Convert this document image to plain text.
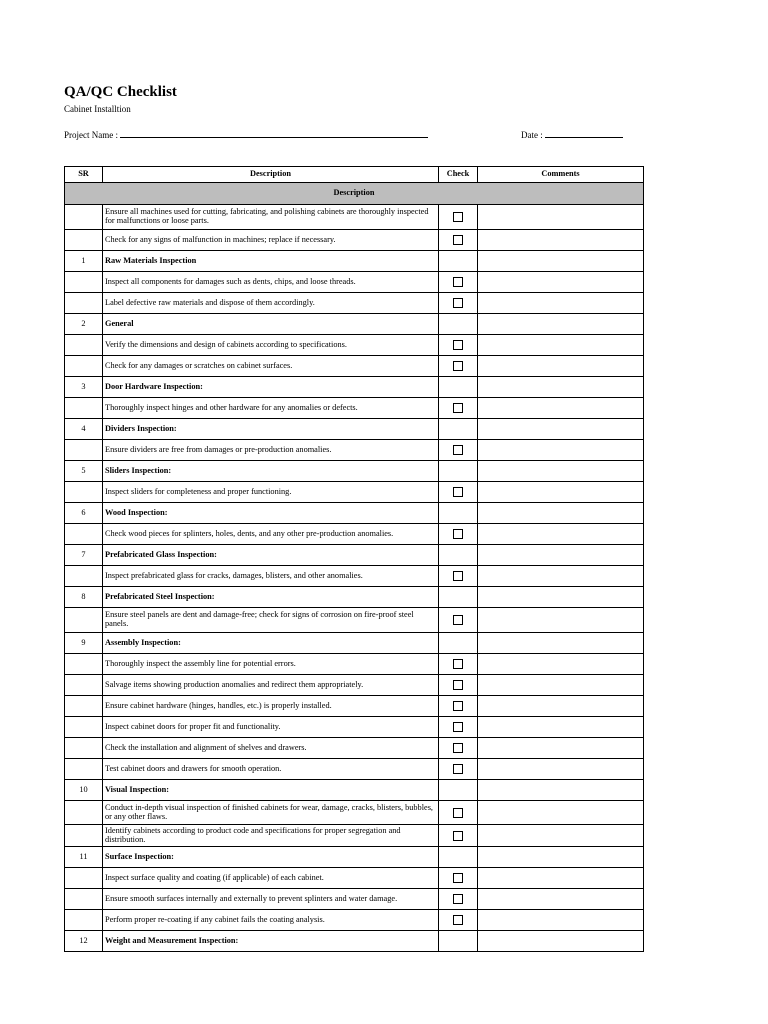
QA/QC Checklist
Cabinet Installtion
Project Name :	Date :
SR	Description	Check	Comments
Description			
	Ensure all machines used for cutting, fabricating, and polishing cabinets are thoroughly inspected for malfunctions or loose parts.		
	Check for any signs of malfunction in machines; replace if necessary.		
1	Raw Materials Inspection		
	Inspect all components for damages such as dents, chips, and loose threads.		
	Label defective raw materials and dispose of them accordingly.		
2	General		
	Verify the dimensions and design of cabinets according to specifications.		
	Check for any damages or scratches on cabinet surfaces.		
3	Door Hardware Inspection:		
	Thoroughly inspect hinges and other hardware for any anomalies or defects.		
4	Dividers Inspection:		
	Ensure dividers are free from damages or pre-production anomalies.		
5	Sliders Inspection:		
	Inspect sliders for completeness and proper functioning.		
6	Wood Inspection:		
	Check wood pieces for splinters, holes, dents, and any other pre-production anomalies.		
7	Prefabricated Glass Inspection:		
	Inspect prefabricated glass for cracks, damages, blisters, and other anomalies.		
8	Prefabricated Steel Inspection:		
	Ensure steel panels are dent and damage-free; check for signs of corrosion on fire-proof steel panels.		
9	Assembly Inspection:		
	Thoroughly inspect the assembly line for potential errors.		
	Salvage items showing production anomalies and redirect them appropriately.		
	Ensure cabinet hardware (hinges, handles, etc.) is properly installed.		
	Inspect cabinet doors for proper fit and functionality.		
	Check the installation and alignment of shelves and drawers.		
	Test cabinet doors and drawers for smooth operation.		
10	Visual Inspection:		
	Conduct in-depth visual inspection of finished cabinets for wear, damage, cracks, blisters, bubbles, or any other flaws.		
	Identify cabinets according to product code and specifications for proper segregation and distribution.		
11	Surface Inspection:		
	Inspect surface quality and coating (if applicable) of each cabinet.		
	Ensure smooth surfaces internally and externally to prevent splinters and water damage.		
	Perform proper re-coating if any cabinet fails the coating analysis.		
12	Weight and Measurement Inspection:		
